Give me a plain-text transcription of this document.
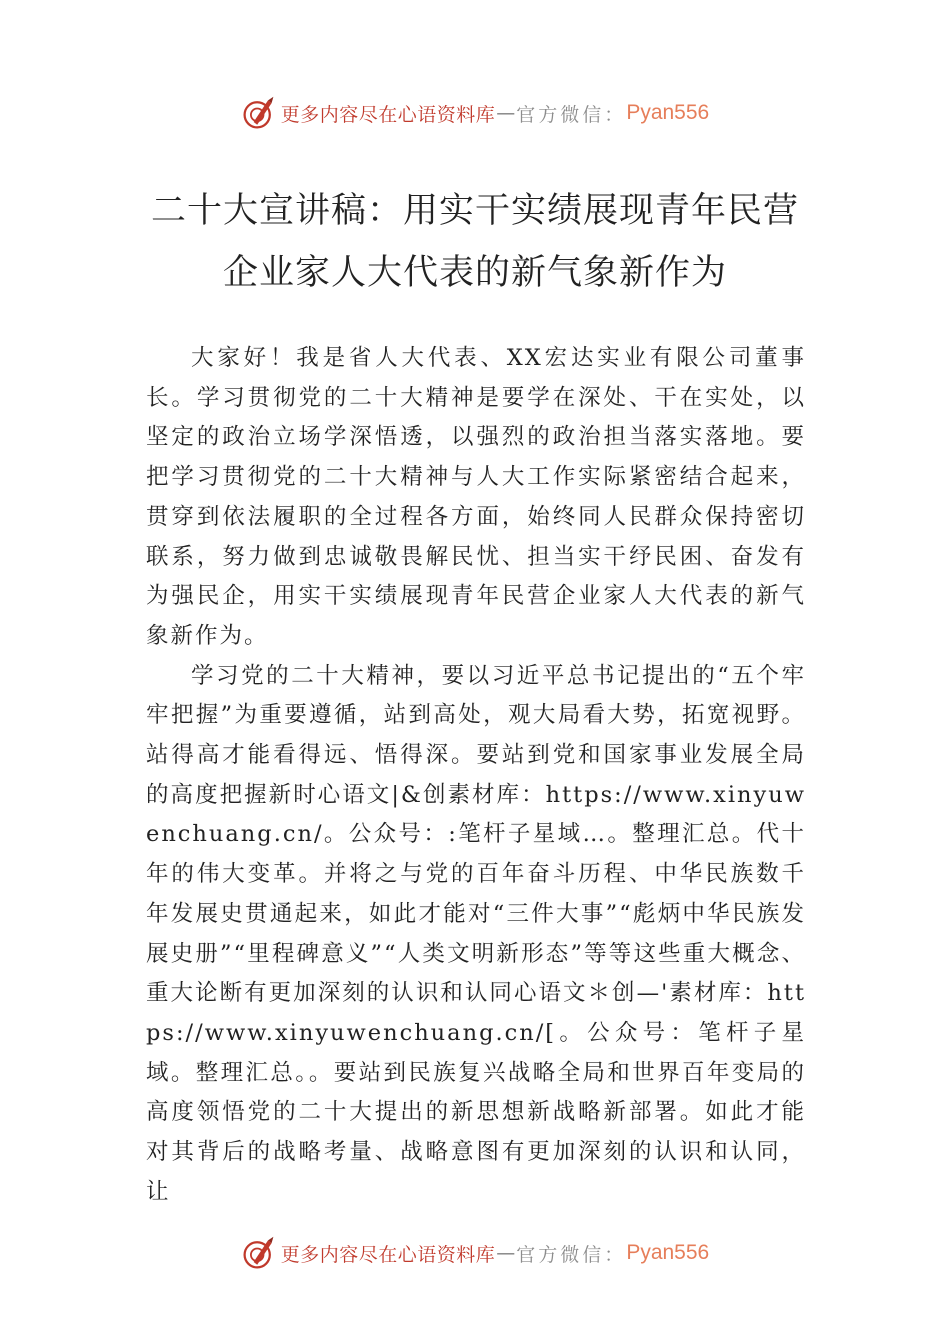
更多内容尽在心语资料库 — 官方微信： Pyan556
二十大宣讲稿：用实干实绩展现青年民营
企业家人大代表的新气象新作为

大家好！我是省人大代表、XX宏达实业有限公司董事长。学习贯彻党的二十大精神是要学在深处、干在实处，以坚定的政治立场学深悟透，以强烈的政治担当落实落地。要把学习贯彻党的二十大精神与人大工作实际紧密结合起来， 贯穿到依法履职的全过程各方面，始终同人民群众保持密切联系，努力做到忠诚敬畏解民忧、担当实干纾民困、奋发有为强民企，用实干实绩展现青年民营企业家人大代表的新气象新作为。

学习党的二十大精神，要以习近平总书记提出的“五个牢牢把握”为重要遵循，站到高处，观大局看大势，拓宽视野。站得高才能看得远、悟得深。要站到党和国家事业发展全局的高度把握新时心语文|&创素材库：https://www.xinyuwenchuang.cn/。公众号：:笔杆子星域…。整理汇总。代十年的伟大变革。并将之与党的百年奋斗历程、中华民族数千年发展史贯通起来，如此才能对“三件大事”“彪炳中华民族发展史册”“里程碑意义”“人类文明新形态”等等这些重大概念、重大论断有更加深刻的认识和认同心语文＊创—'素材库：https://www.xinyuwenchuang.cn/[。公众号：笔杆子星域。整理汇总。。要站到民族复兴战略全局和世界百年变局的高度领悟党的二十大提出的新思想新战略新部署。如此才能对其背后的战略考量、战略意图有更加深刻的认识和认同，让

更多内容尽在心语资料库 — 官方微信： Pyan556
